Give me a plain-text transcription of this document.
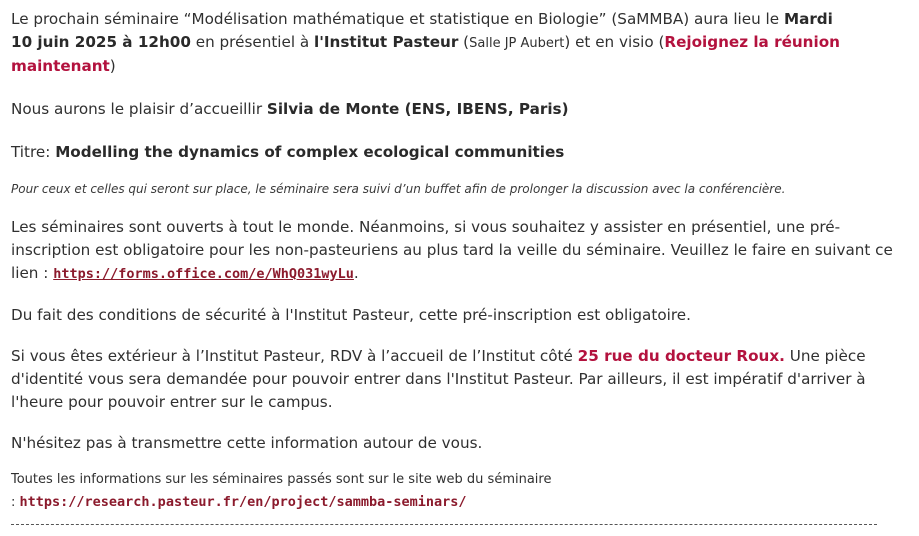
Le prochain séminaire “Modélisation mathématique et statistique en Biologie” (SaMMBA) aura lieu le Mardi 10 juin 2025 à 12h00 en présentiel à l'Institut Pasteur (Salle JP Aubert) et en visio (Rejoignez la réunion maintenant)

Nous aurons le plaisir d’accueillir Silvia de Monte (ENS, IBENS, Paris)

Titre: Modelling the dynamics of complex ecological communities

Pour ceux et celles qui seront sur place, le séminaire sera suivi d’un buffet afin de prolonger la discussion avec la conférencière.

Les séminaires sont ouverts à tout le monde. Néanmoins, si vous souhaitez y assister en présentiel, une pré-inscription est obligatoire pour les non-pasteuriens au plus tard la veille du séminaire. Veuillez le faire en suivant ce lien : https://forms.office.com/e/WhQ031wyLu.

Du fait des conditions de sécurité à l'Institut Pasteur, cette pré-inscription est obligatoire.

Si vous êtes extérieur à l’Institut Pasteur, RDV à l’accueil de l’Institut côté 25 rue du docteur Roux. Une pièce d'identité vous sera demandée pour pouvoir entrer dans l'Institut Pasteur. Par ailleurs, il est impératif d'arriver à l'heure pour pouvoir entrer sur le campus.

N'hésitez pas à transmettre cette information autour de vous.

Toutes les informations sur les séminaires passés sont sur le site web du séminaire
: https://research.pasteur.fr/en/project/sammba-seminars/
